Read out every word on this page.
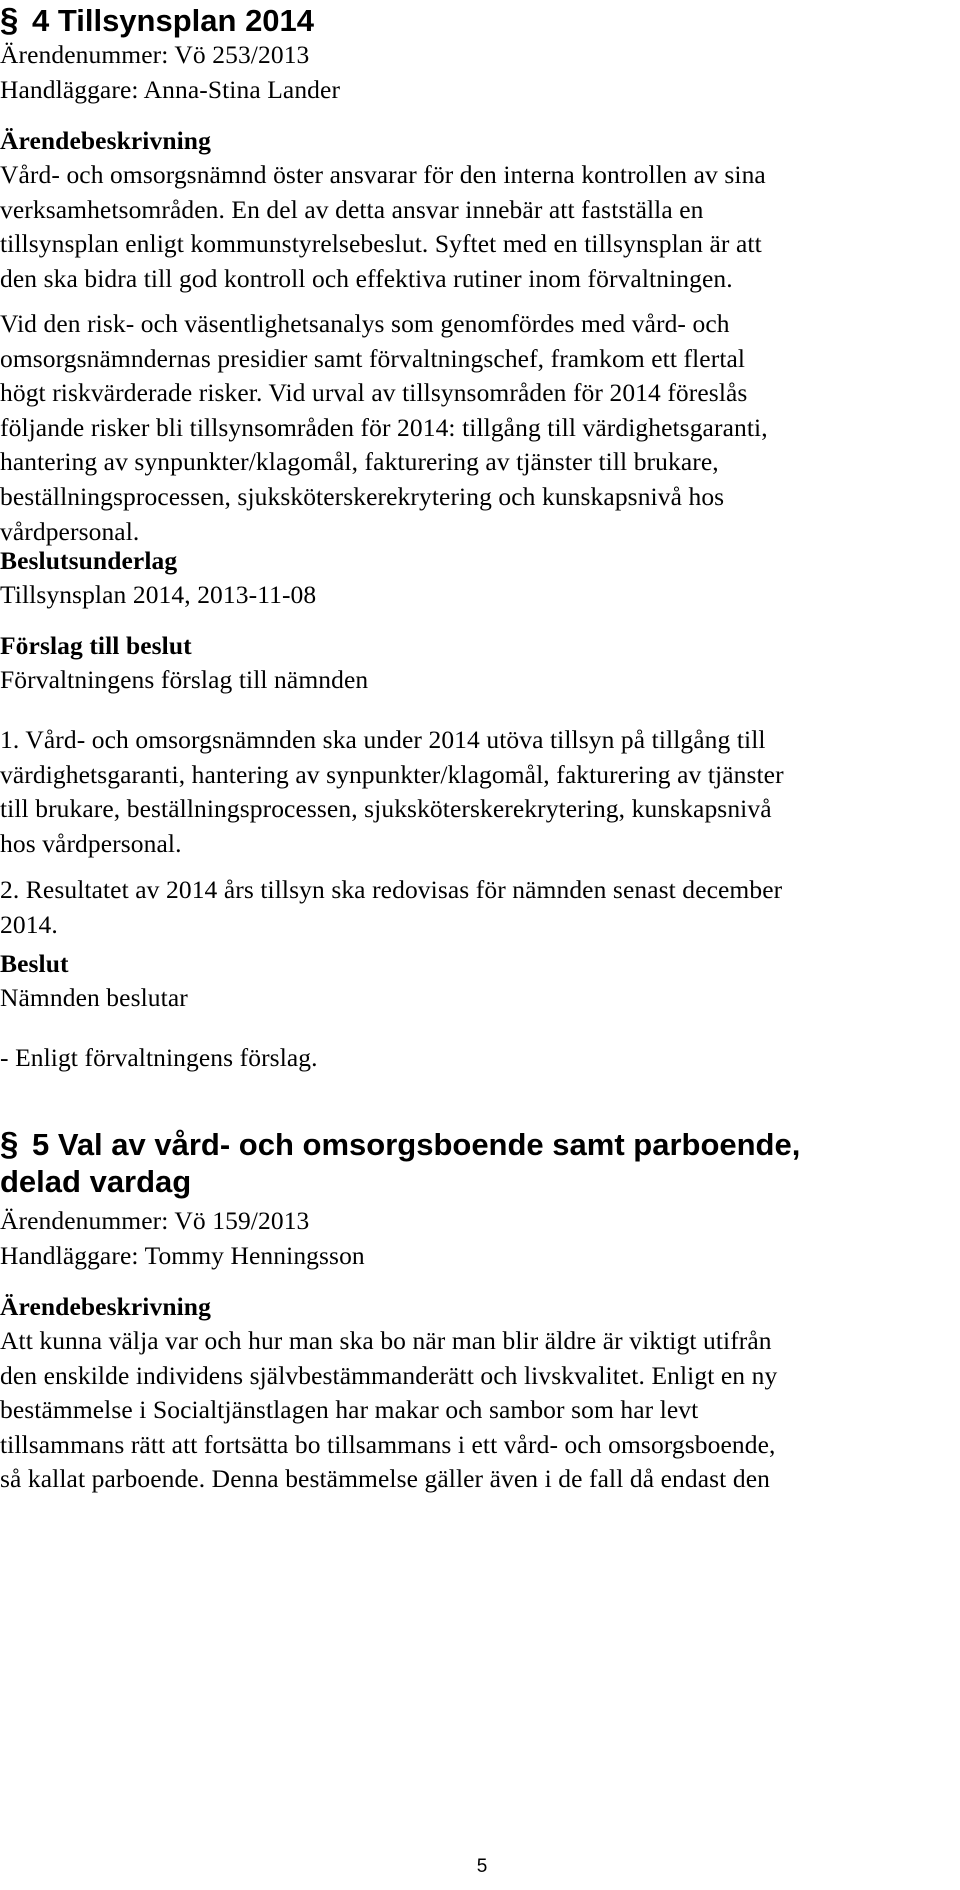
§ 4 Tillsynsplan 2014
Ärendenummer: Vö 253/2013
Handläggare: Anna-Stina Lander
Ärendebeskrivning
Vård- och omsorgsnämnd öster ansvarar för den interna kontrollen av sina
verksamhetsområden. En del av detta ansvar innebär att fastställa en
tillsynsplan enligt kommunstyrelsebeslut. Syftet med en tillsynsplan är att
den ska bidra till god kontroll och effektiva rutiner inom förvaltningen.
Vid den risk- och väsentlighetsanalys som genomfördes med vård- och
omsorgsnämndernas presidier samt förvaltningschef, framkom ett flertal
högt riskvärderade risker. Vid urval av tillsynsområden för 2014 föreslås
följande risker bli tillsynsområden för 2014: tillgång till värdighetsgaranti,
hantering av synpunkter/klagomål, fakturering av tjänster till brukare,
beställningsprocessen, sjuksköterskerekrytering och kunskapsnivå hos
vårdpersonal.
Beslutsunderlag
Tillsynsplan 2014, 2013-11-08
Förslag till beslut
Förvaltningens förslag till nämnden
1. Vård- och omsorgsnämnden ska under 2014 utöva tillsyn på tillgång till
värdighetsgaranti, hantering av synpunkter/klagomål, fakturering av tjänster
till brukare, beställningsprocessen, sjuksköterskerekrytering, kunskapsnivå
hos vårdpersonal.
2. Resultatet av 2014 års tillsyn ska redovisas för nämnden senast december
2014.
Beslut
Nämnden beslutar
- Enligt förvaltningens förslag.
§ 5 Val av vård- och omsorgsboende samt parboende,
delad vardag
Ärendenummer: Vö 159/2013
Handläggare: Tommy Henningsson
Ärendebeskrivning
Att kunna välja var och hur man ska bo när man blir äldre är viktigt utifrån
den enskilde individens självbestämmanderätt och livskvalitet. Enligt en ny
bestämmelse i Socialtjänstlagen har makar och sambor som har levt
tillsammans rätt att fortsätta bo tillsammans i ett vård- och omsorgsboende,
så kallat parboende. Denna bestämmelse gäller även i de fall då endast den
5
